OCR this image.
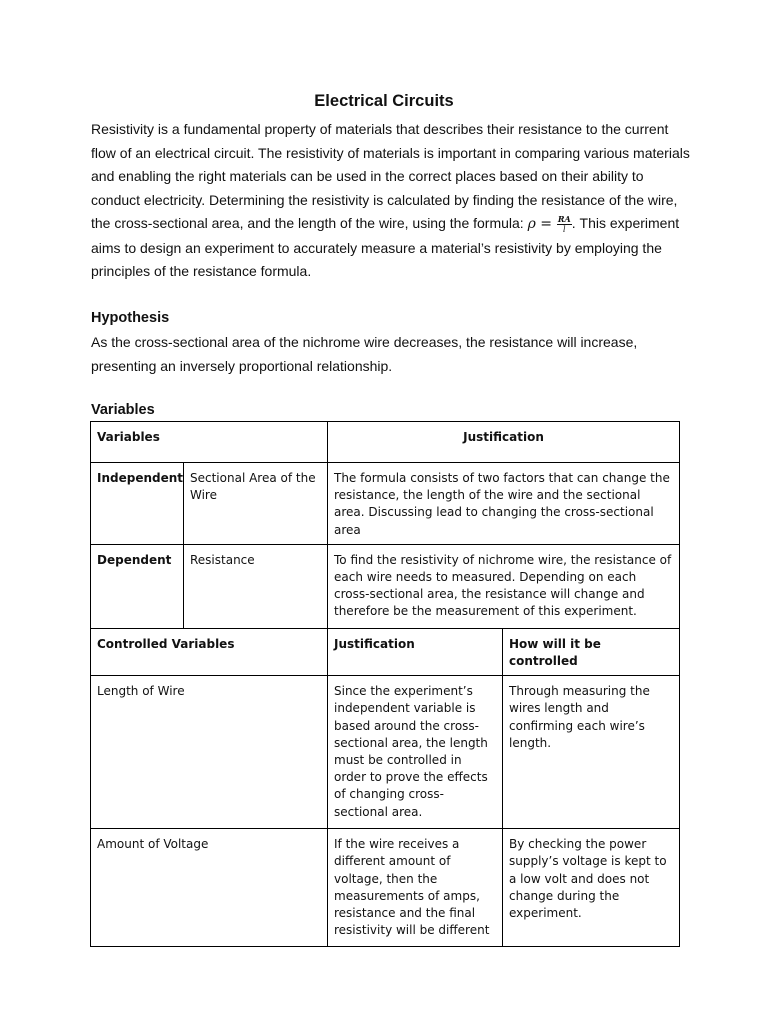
Electrical Circuits

Resistivity is a fundamental property of materials that describes their resistance to the current flow of an electrical circuit. The resistivity of materials is important in comparing various materials and enabling the right materials can be used in the correct places based on their ability to conduct electricity. Determining the resistivity is calculated by finding the resistance of the wire, the cross-sectional area, and the length of the wire, using the formula: $\rho = \frac{RA}{l}$ . This experiment aims to design an experiment to accurately measure a material’s resistivity by employing the principles of the resistance formula.

Hypothesis

As the cross-sectional area of the nichrome wire decreases, the resistance will increase, presenting an inversely proportional relationship.

Variables
Variables		Justification	
Independent	Sectional Area of the Wire	The formula consists of two factors that can change the resistance, the length of the wire and the sectional area. Discussing lead to changing the cross-sectional area	
Dependent	Resistance	To find the resistivity of nichrome wire, the resistance of each wire needs to measured. Depending on each cross-sectional area, the resistance will change and therefore be the measurement of this experiment.	
Controlled Variables		Justification	How will it be controlled
Length of Wire		Since the experiment’s independent variable is based around the cross-sectional area, the length must be controlled in order to prove the effects of changing cross-sectional area.	Through measuring the wires length and confirming each wire’s length.
Amount of Voltage		If the wire receives a different amount of voltage, then the measurements of amps, resistance and the final resistivity will be different	By checking the power supply’s voltage is kept to a low volt and does not change during the experiment.
